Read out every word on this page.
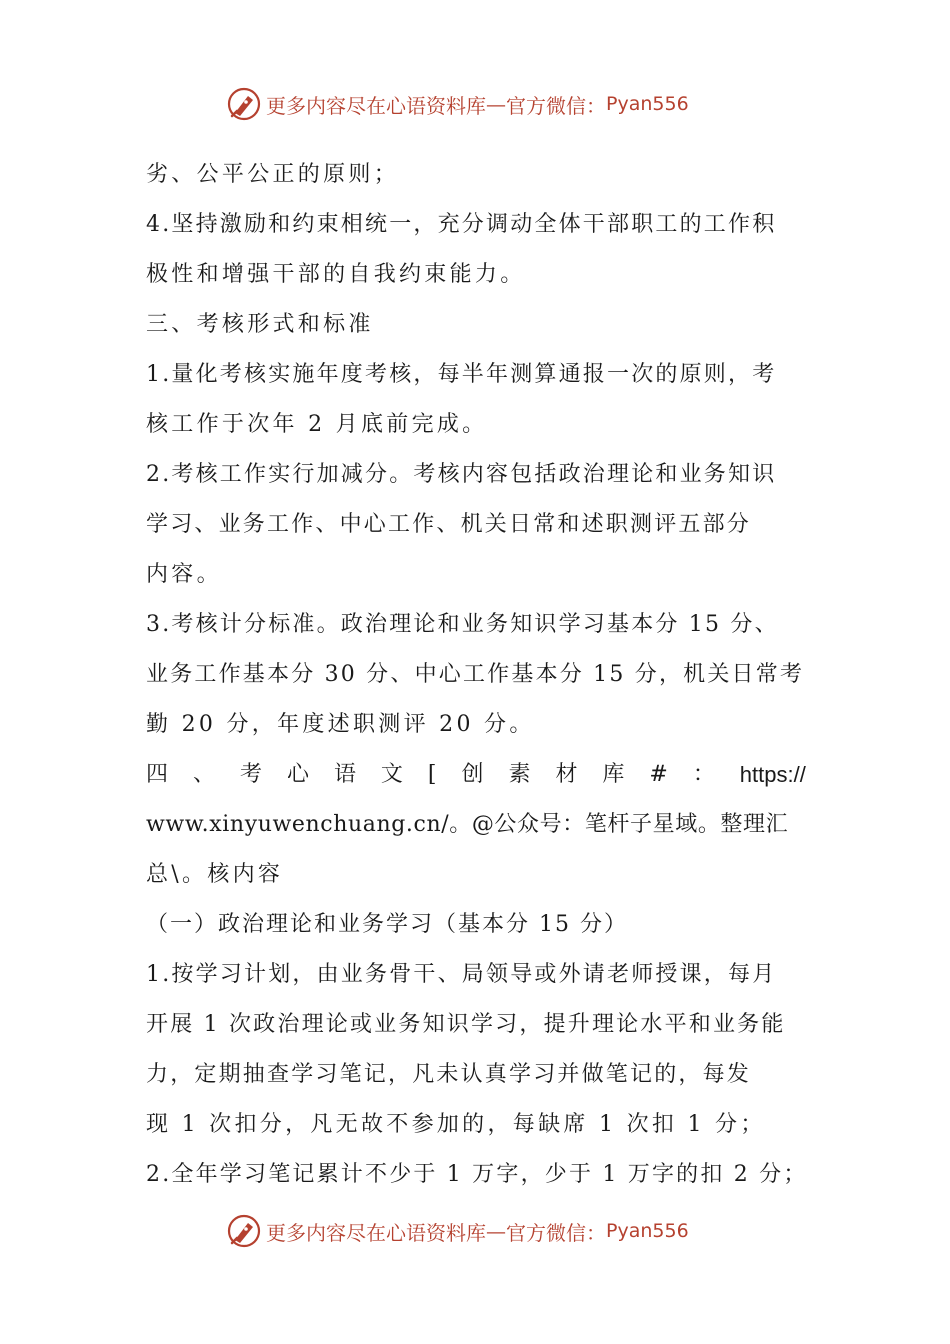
更多内容尽在心语资料库 — 官方微信： Pyan556
劣、公平公正的原则；
4.坚持激励和约束相统一，充分调动全体干部职工的工作积
极性和增强干部的自我约束能力。
三、考核形式和标准
1.量化考核实施年度考核，每半年测算通报一次的原则，考
核工作于次年 2 月底前完成。
2.考核工作实行加减分。考核内容包括政治理论和业务知识
学习、业务工作、中心工作、机关日常和述职测评五部分
内容。
3.考核计分标准。政治理论和业务知识学习基本分 15 分、
业务工作基本分 30 分、中心工作基本分 15 分，机关日常考
勤 20 分，年度述职测评 20 分。
四 、 考 心 语 文 [ 创 素 材 库 # ： https://
www.xinyuwenchuang.cn/。@公众号：笔杆子星域。整理汇
总\。核内容
（一）政治理论和业务学习（基本分 15 分）
1.按学习计划，由业务骨干、局领导或外请老师授课，每月
开展 1 次政治理论或业务知识学习，提升理论水平和业务能
力，定期抽查学习笔记，凡未认真学习并做笔记的，每发
现 1 次扣分，凡无故不参加的，每缺席 1 次扣 1 分；
2.全年学习笔记累计不少于 1 万字，少于 1 万字的扣 2 分；
更多内容尽在心语资料库 — 官方微信： Pyan556
